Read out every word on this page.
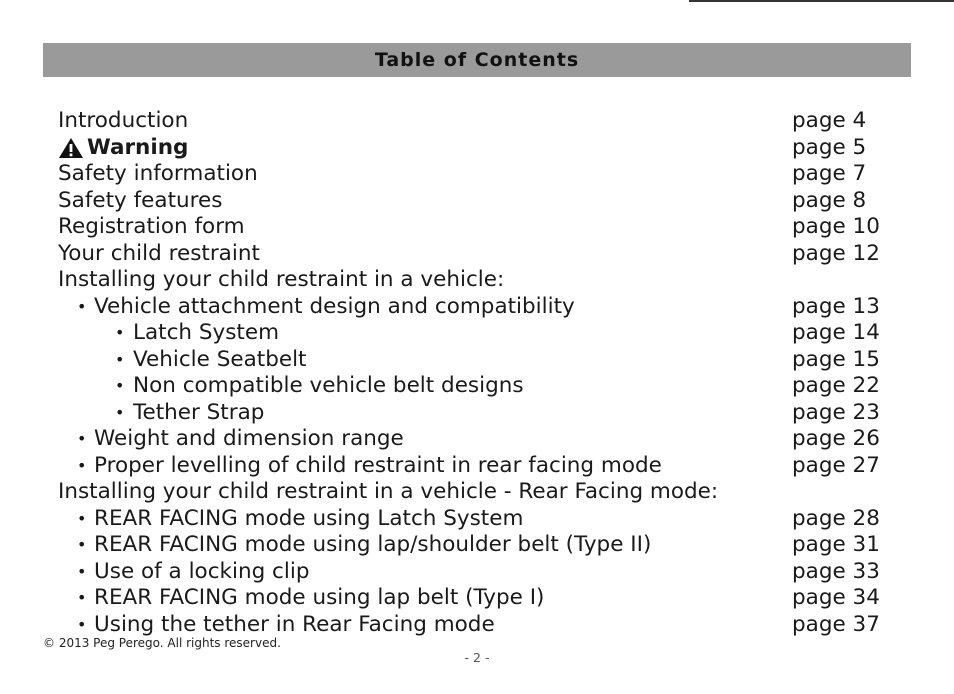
Table of Contents
Introduction	page 4
Warning	page 5
Safety information	page 7
Safety features	page 8
Registration form	page 10
Your child restraint	page 12
Installing your child restraint in a vehicle:
• Vehicle attachment design and compatibility	page 13
• Latch System	page 14
• Vehicle Seatbelt	page 15
• Non compatible vehicle belt designs	page 22
• Tether Strap	page 23
• Weight and dimension range	page 26
• Proper levelling of child restraint in rear facing mode	page 27
Installing your child restraint in a vehicle - Rear Facing mode:
• REAR FACING mode using Latch System	page 28
• REAR FACING mode using lap/shoulder belt (Type II)	page 31
• Use of a locking clip	page 33
• REAR FACING mode using lap belt (Type I)	page 34
• Using the tether in Rear Facing mode	page 37
© 2013 Peg Perego. All rights reserved.
- 2 -
